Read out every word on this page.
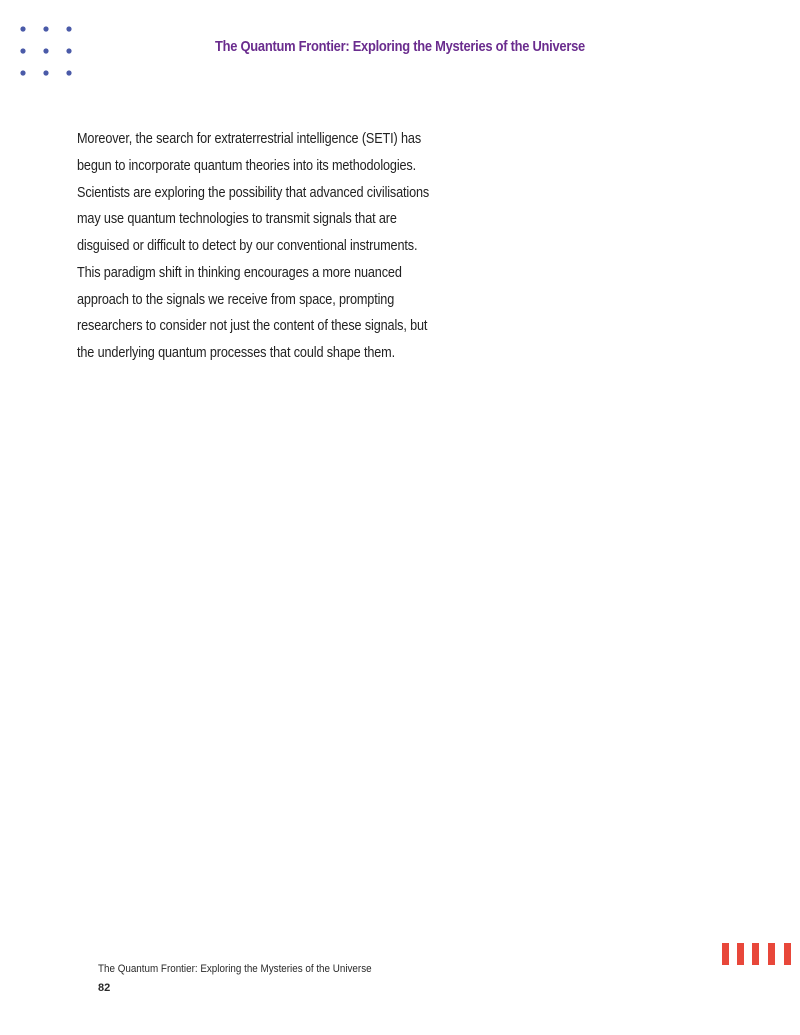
The Quantum Frontier: Exploring the Mysteries of the Universe
Moreover, the search for extraterrestrial intelligence (SETI) has
begun to incorporate quantum theories into its methodologies.
Scientists are exploring the possibility that advanced civilisations
may use quantum technologies to transmit signals that are
disguised or difficult to detect by our conventional instruments.
This paradigm shift in thinking encourages a more nuanced
approach to the signals we receive from space, prompting
researchers to consider not just the content of these signals, but
the underlying quantum processes that could shape them.
The Quantum Frontier: Exploring the Mysteries of the Universe
82
